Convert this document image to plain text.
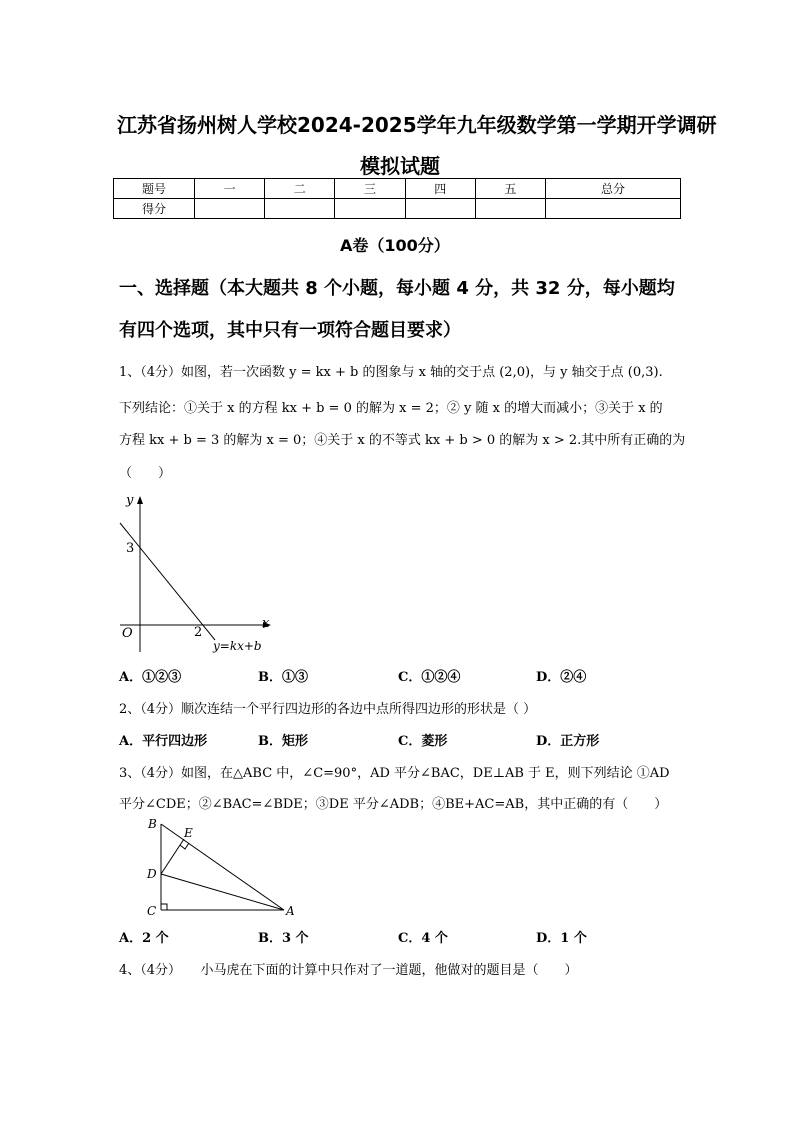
江苏省扬州树人学校2024-2025学年九年级数学第一学期开学调研
模拟试题
题号	一	二	三	四	五	总分
得分						
A卷（100分）
一、选择题（本大题共 8 个小题，每小题 4 分，共 32 分，每小题均
有四个选项，其中只有一项符合题目要求）
1、（4分）如图，若一次函数 y = kx + b 的图象与 x 轴的交于点 (2,0)，与 y 轴交于点 (0,3).
下列结论：①关于 x 的方程 kx + b = 0 的解为 x = 2；② y 随 x 的增大而减小；③关于 x 的
方程 kx + b = 3 的解为 x = 0；④关于 x 的不等式 kx + b > 0 的解为 x > 2.其中所有正确的为
（　　）
y
x
O
3
2
y=kx+b
A．①②③	B．①③	C．①②④	D．②④
2、（4分）顺次连结一个平行四边形的各边中点所得四边形的形状是（ ）
A．平行四边形	B．矩形	C．菱形	D．正方形
3、（4分）如图，在△ABC 中，∠C=90°，AD 平分∠BAC，DE⊥AB 于 E，则下列结论 ①AD
平分∠CDE；②∠BAC=∠BDE；③DE 平分∠ADB；④BE+AC=AB，其中正确的有（　　）
B
E
D
C	A
A．2 个	B．3 个	C．4 个	D．1 个
4、（4分）　　小马虎在下面的计算中只作对了一道题，他做对的题目是（　　）
